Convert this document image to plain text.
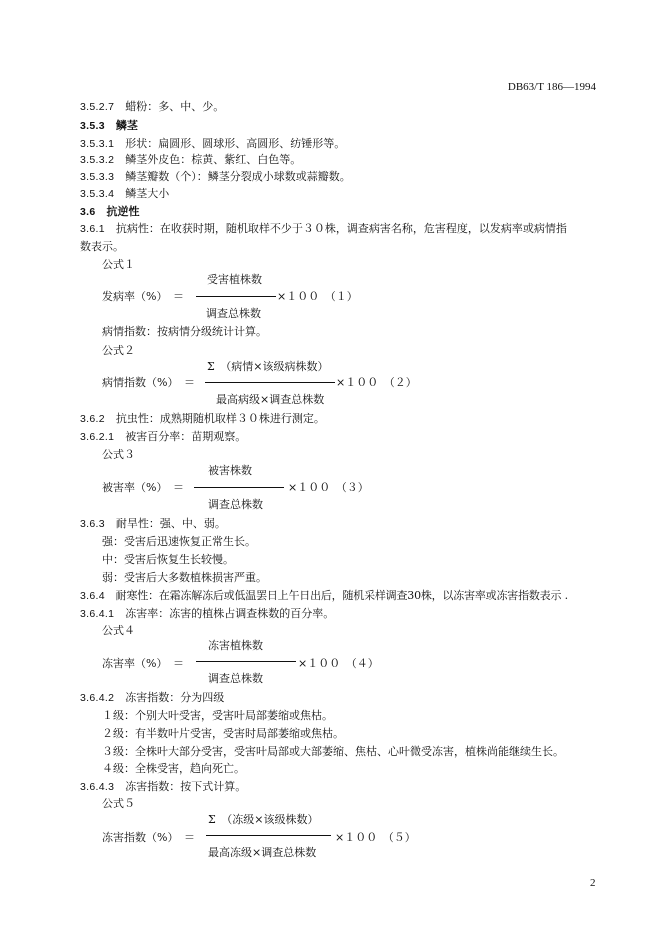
DB63/T 186—1994
3.5.2.7　 蜡粉：多、中、少。
3.5.3　 鳞茎
3.5.3.1　 形状：扁圆形、圆球形、高圆形、纺锤形等。
3.5.3.2　 鳞茎外皮色：棕黄、紫红、白色等。
3.5.3.3　 鳞茎瓣数（个）：鳞茎分裂成小球数或蒜瓣数。
3.5.3.4　 鳞茎大小
3.6　 抗逆性
3.6.1　 抗病性：在收获时期，随机取样不少于３０株，调查病害名称，危害程度，以发病率或病情指
数表示。
公式１
发病率（%）　＝
受害植株数
调查总株数
×１００　（１）
病情指数：按病情分级统计计算。
公式２
病情指数（%）　＝
Σ　（病情×该级病株数）
最高病级×调查总株数
×１００　（２）
3.6.2　 抗虫性：成熟期随机取样３０株进行测定。
3.6.2.1　 被害百分率：苗期观察。
公式３
被害率（%）　＝
被害株数
调查总株数
×１００　（３）
3.6.3　 耐旱性：强、中、弱。
强：受害后迅速恢复正常生长。
中：受害后恢复生长较慢。
弱：受害后大多数植株损害严重。
3.6.4　 耐寒性：在霜冻解冻后或低温罢日上午日出后，随机采样调查30株，以冻害率或冻害指数表示 .
3.6.4.1　 冻害率：冻害的植株占调查株数的百分率。
公式４
冻害率（%）　＝
冻害植株数
调查总株数
×１００　（４）
3.6.4.2　 冻害指数：分为四级
１级：个别大叶受害，受害叶局部萎缩或焦枯。
２级：有半数叶片受害，受害时局部萎缩或焦枯。
３级：全株叶大部分受害，受害叶局部或大部萎缩、焦枯、心叶微受冻害，植株尚能继续生长。
４级：全株受害，趋向死亡。
3.6.4.3　 冻害指数：按下式计算。
公式５
冻害指数（%）　＝
Σ　（冻级×该级株数）
最高冻级×调查总株数
×１００　（５）
2
